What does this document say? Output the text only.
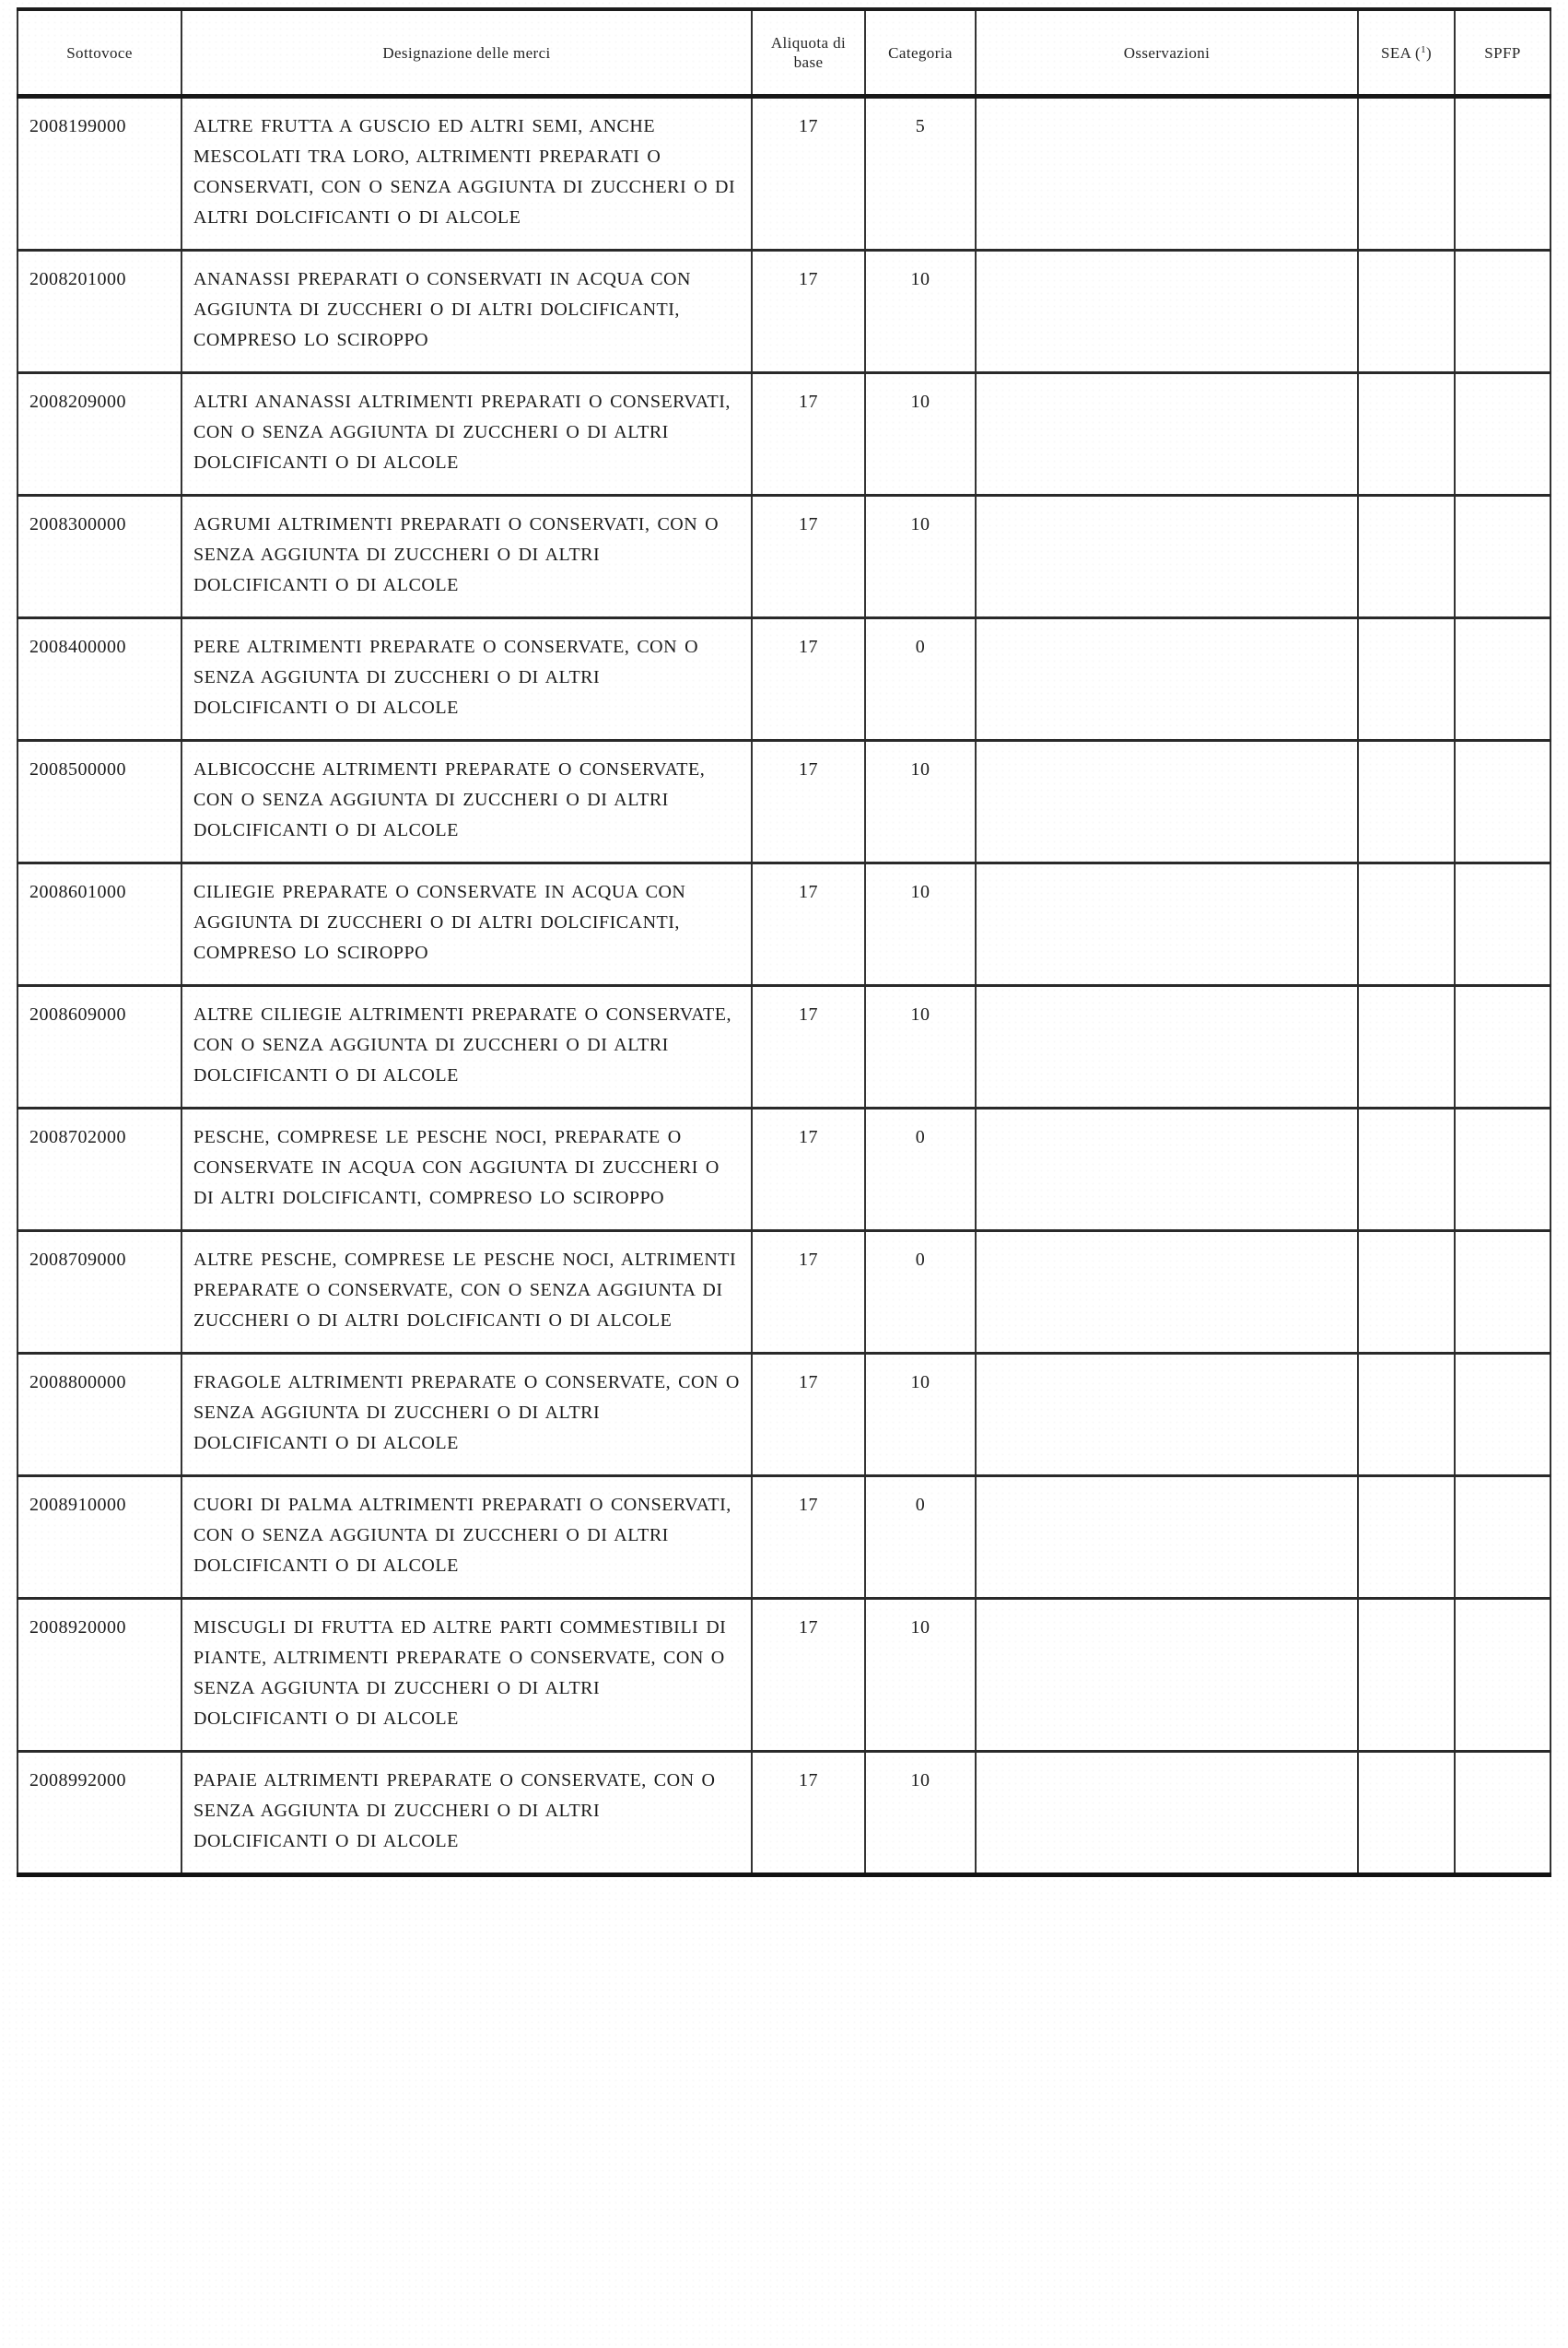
Sottovoce	Designazione delle merci	Aliquota di base	Categoria	Osservazioni	SEA ($^1$)	SPFP
2008199000	ALTRE FRUTTA A GUSCIO ED ALTRI SEMI, ANCHE MESCOLATI TRA LORO, ALTRIMENTI PREPARATI O CONSERVATI, CON O SENZA AGGIUNTA DI ZUCCHERI O DI ALTRI DOLCIFICANTI O DI ALCOLE	17	5			
2008201000	ANANASSI PREPARATI O CONSERVATI IN ACQUA CON AGGIUNTA DI ZUCCHERI O DI ALTRI DOLCIFICANTI, COMPRESO LO SCIROPPO	17	10			
2008209000	ALTRI ANANASSI ALTRIMENTI PREPARATI O CONSERVATI, CON O SENZA AGGIUNTA DI ZUCCHERI O DI ALTRI DOLCIFICANTI O DI ALCOLE	17	10			
2008300000	AGRUMI ALTRIMENTI PREPARATI O CONSERVATI, CON O SENZA AGGIUNTA DI ZUCCHERI O DI ALTRI DOLCIFICANTI O DI ALCOLE	17	10			
2008400000	PERE ALTRIMENTI PREPARATE O CONSERVATE, CON O SENZA AGGIUNTA DI ZUCCHERI O DI ALTRI DOLCIFICANTI O DI ALCOLE	17	0			
2008500000	ALBICOCCHE ALTRIMENTI PREPARATE O CONSERVATE, CON O SENZA AGGIUNTA DI ZUCCHERI O DI ALTRI DOLCIFICANTI O DI ALCOLE	17	10			
2008601000	CILIEGIE PREPARATE O CONSERVATE IN ACQUA CON AGGIUNTA DI ZUCCHERI O DI ALTRI DOLCIFICANTI, COMPRESO LO SCIROPPO	17	10			
2008609000	ALTRE CILIEGIE ALTRIMENTI PREPARATE O CONSERVATE, CON O SENZA AGGIUNTA DI ZUCCHERI O DI ALTRI DOLCIFICANTI O DI ALCOLE	17	10			
2008702000	PESCHE, COMPRESE LE PESCHE NOCI, PREPARATE O CONSERVATE IN ACQUA CON AGGIUNTA DI ZUCCHERI O DI ALTRI DOLCIFICANTI, COMPRESO LO SCIROPPO	17	0			
2008709000	ALTRE PESCHE, COMPRESE LE PESCHE NOCI, ALTRIMENTI PREPARATE O CONSERVATE, CON O SENZA AGGIUNTA DI ZUCCHERI O DI ALTRI DOLCIFICANTI O DI ALCOLE	17	0			
2008800000	FRAGOLE ALTRIMENTI PREPARATE O CONSERVATE, CON O SENZA AGGIUNTA DI ZUCCHERI O DI ALTRI DOLCIFICANTI O DI ALCOLE	17	10			
2008910000	CUORI DI PALMA ALTRIMENTI PREPARATI O CONSERVATI, CON O SENZA AGGIUNTA DI ZUCCHERI O DI ALTRI DOLCIFICANTI O DI ALCOLE	17	0			
2008920000	MISCUGLI DI FRUTTA ED ALTRE PARTI COMMESTIBILI DI PIANTE, ALTRIMENTI PREPARATE O CONSERVATE, CON O SENZA AGGIUNTA DI ZUCCHERI O DI ALTRI DOLCIFICANTI O DI ALCOLE	17	10			
2008992000	PAPAIE ALTRIMENTI PREPARATE O CONSERVATE, CON O SENZA AGGIUNTA DI ZUCCHERI O DI ALTRI DOLCIFICANTI O DI ALCOLE	17	10			
